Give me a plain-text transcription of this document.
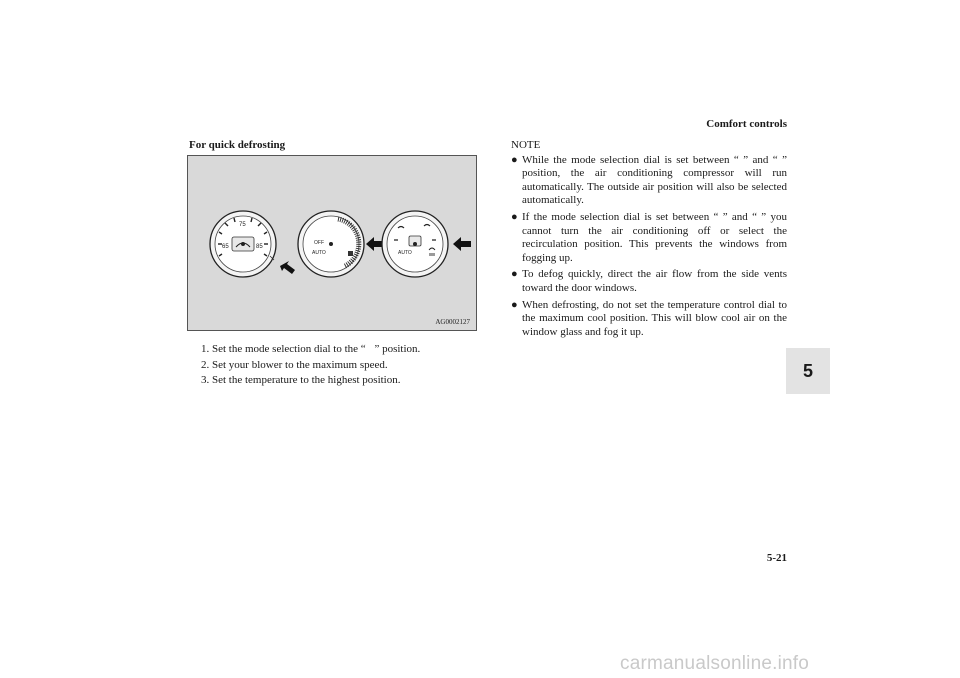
Comfort controls
For quick defrosting
65
75
85
OFF
AUTO	AUTO
AG0002127
1. Set the mode selection dial to the “    ” position.
2. Set your blower to the maximum speed.
3. Set the temperature to the highest position.
NOTE
● While the mode selection dial is set between “ ” and “ ” position, the air conditioning compressor will run automatically. The outside air position will also be selected automatically.
● If the mode selection dial is set between “ ” and “ ” you cannot turn the air conditioning off or select the recirculation position. This prevents the windows from fogging up.
● To defog quickly, direct the air flow from the side vents toward the door windows.
● When defrosting, do not set the temperature control dial to the maximum cool position. This will blow cool air on the window glass and fog it up.
5
5-21
carmanualsonline.info
